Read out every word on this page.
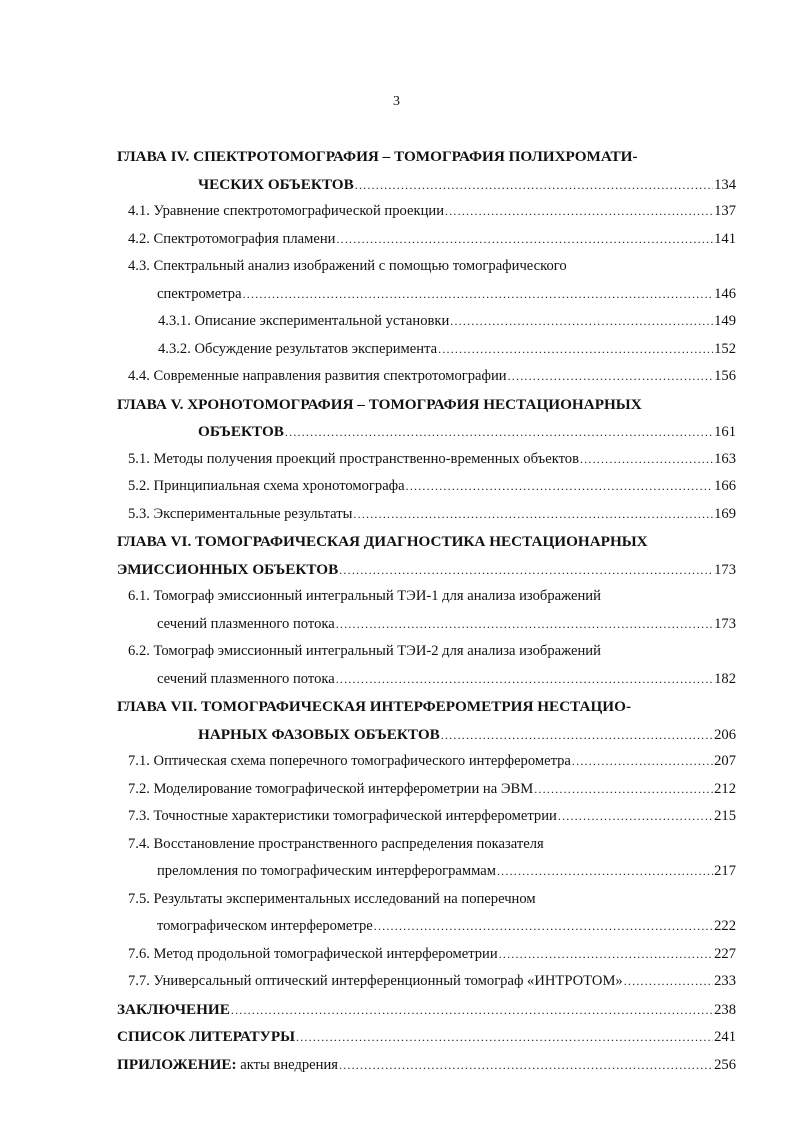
3
ГЛАВА IV. СПЕКТРОТОМОГРАФИЯ – ТОМОГРАФИЯ ПОЛИХРОМАТИ-
ЧЕСКИХ ОБЪЕКТОВ .....	134
4.1. Уравнение спектротомографической проекции .....	137
4.2. Спектротомография пламени .....	141
4.3. Спектральный анализ изображений с помощью томографического
спектрометра .....	146
4.3.1. Описание экспериментальной установки .....	149
4.3.2. Обсуждение результатов эксперимента .....	152
4.4. Современные направления развития спектротомографии .....	156
ГЛАВА V. ХРОНОТОМОГРАФИЯ – ТОМОГРАФИЯ НЕСТАЦИОНАРНЫХ
ОБЪЕКТОВ .....	161
5.1. Методы получения проекций пространственно-временных объектов .....	163
5.2. Принципиальная схема хронотомографа .....	166
5.3. Экспериментальные результаты .....	169
ГЛАВА VI. ТОМОГРАФИЧЕСКАЯ ДИАГНОСТИКА НЕСТАЦИОНАРНЫХ
ЭМИССИОННЫХ ОБЪЕКТОВ .....	173
6.1. Томограф эмиссионный интегральный ТЭИ-1 для анализа изображений
сечений плазменного потока .....	173
6.2. Томограф эмиссионный интегральный ТЭИ-2 для анализа изображений
сечений плазменного потока .....	182
ГЛАВА VII. ТОМОГРАФИЧЕСКАЯ ИНТЕРФЕРОМЕТРИЯ НЕСТАЦИО-
НАРНЫХ ФАЗОВЫХ ОБЪЕКТОВ .....	206
7.1. Оптическая схема поперечного томографического интерферометра .....	207
7.2. Моделирование томографической интерферометрии на ЭВМ .....	212
7.3. Точностные характеристики томографической интерферометрии .....	215
7.4. Восстановление пространственного распределения показателя
преломления по томографическим интерферограммам .....	217
7.5. Результаты экспериментальных исследований на поперечном
томографическом интерферометре .....	222
7.6. Метод продольной томографической интерферометрии .....	227
7.7. Универсальный оптический интерференционный томограф «ИНТРОТОМ» .....	233
ЗАКЛЮЧЕНИЕ .....	238
СПИСОК ЛИТЕРАТУРЫ .....	241
ПРИЛОЖЕНИЕ: акты внедрения .....	256
